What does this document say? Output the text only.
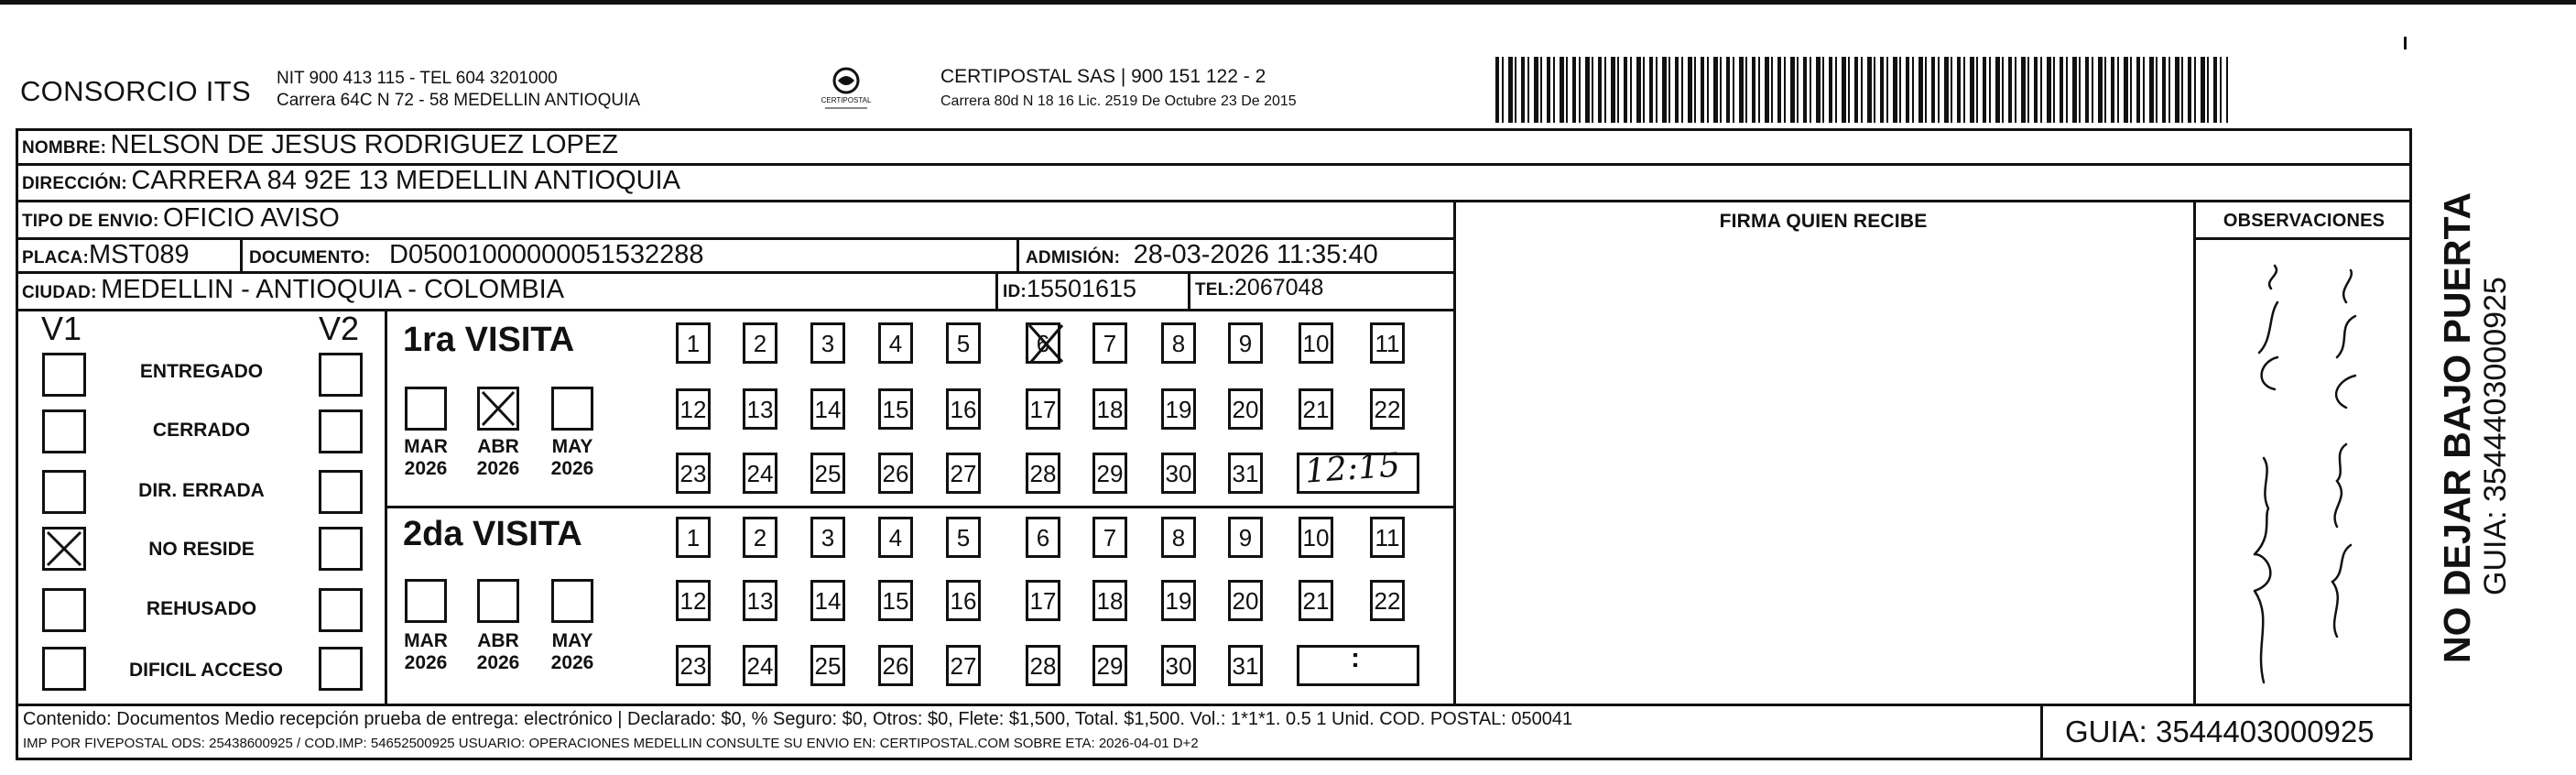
CONSORCIO ITS NIT 900 413 115 - TEL 604 3201000
Carrera 64C N 72 - 58 MEDELLIN ANTIOQUIA	CERTIPOSTAL
CERTIPOSTAL SAS | 900 151 122 - 2
Carrera 80d N 18 16 Lic. 2519 De Octubre 23 De 2015
NOMBRE: NELSON DE JESUS RODRIGUEZ LOPEZ
DIRECCIÓN: CARRERA 84 92E 13 MEDELLIN ANTIOQUIA
TIPO DE ENVIO: OFICIO AVISO	FIRMA QUIEN RECIBE	OBSERVACIONES
PLACA:MST089	DOCUMENTO: D05001000000051532288	ADMISIÓN: 28-03-2026 11:35:40
CIUDAD: MEDELLIN - ANTIOQUIA - COLOMBIA	ID:15501615	TEL:2067048
V1	V2
ENTREGADO
CERRADO
DIR. ERRADA
NO RESIDE
REHUSADO
DIFICIL ACCESO
1ra VISITA
MAR	ABR	MAY
2026	2026	2026
1	2	3	4	5	6	7	8	9	10 11
12 13 14 15 16 17 18 19 20 21 22
23 24 25 26 27 28 29 30 31 12:15
2da VISITA
MAR	ABR	MAY
2026	2026	2026
1	2	3	4	5	6	7	8	9	10 11
12 13 14 15 16 17 18 19 20 21 22
23 24 25 26 27 28 29 30 31	:
Contenido: Documentos Medio recepción prueba de entrega: electrónico | Declarado: $0, % Seguro: $0, Otros: $0, Flete: $1,500, Total. $1,500. Vol.: 1*1*1. 0.5 1 Unid. COD. POSTAL: 050041
IMP POR FIVEPOSTAL ODS: 25438600925 / COD.IMP: 54652500925 USUARIO: OPERACIONES MEDELLIN CONSULTE SU ENVIO EN: CERTIPOSTAL.COM SOBRE ETA: 2026-04-01 D+2	GUIA: 3544403000925
NO DEJAR BAJO PUERTA GUIA: 3544403000925
